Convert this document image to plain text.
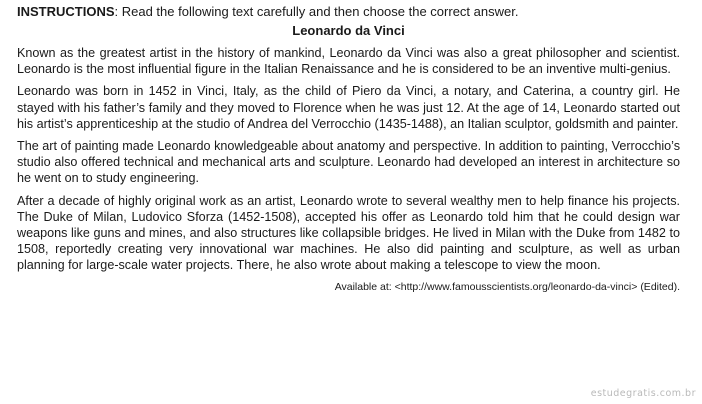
INSTRUCTIONS: Read the following text carefully and then choose the correct answer.

Leonardo da Vinci

Known as the greatest artist in the history of mankind, Leonardo da Vinci was also a great philosopher and scientist. Leonardo is the most influential figure in the Italian Renaissance and he is considered to be an inventive multi-genius.

Leonardo was born in 1452 in Vinci, Italy, as the child of Piero da Vinci, a notary, and Caterina, a country girl. He stayed with his father’s family and they moved to Florence when he was just 12. At the age of 14, Leonardo started out his artist’s apprenticeship at the studio of Andrea del Verrocchio (1435-1488), an Italian sculptor, goldsmith and painter.

The art of painting made Leonardo knowledgeable about anatomy and perspective. In addition to painting, Verrocchio’s studio also offered technical and mechanical arts and sculpture. Leonardo had developed an interest in architecture so he went on to study engineering.

After a decade of highly original work as an artist, Leonardo wrote to several wealthy men to help finance his projects. The Duke of Milan, Ludovico Sforza (1452-1508), accepted his offer as Leonardo told him that he could design war weapons like guns and mines, and also structures like collapsible bridges. He lived in Milan with the Duke from 1482 to 1508, reportedly creating very innovational war machines. He also did painting and sculpture, as well as urban planning for large-scale water projects. There, he also wrote about making a telescope to view the moon.

Available at: <http://www.famousscientists.org/leonardo-da-vinci> (Edited).
estudegratis.com.br
